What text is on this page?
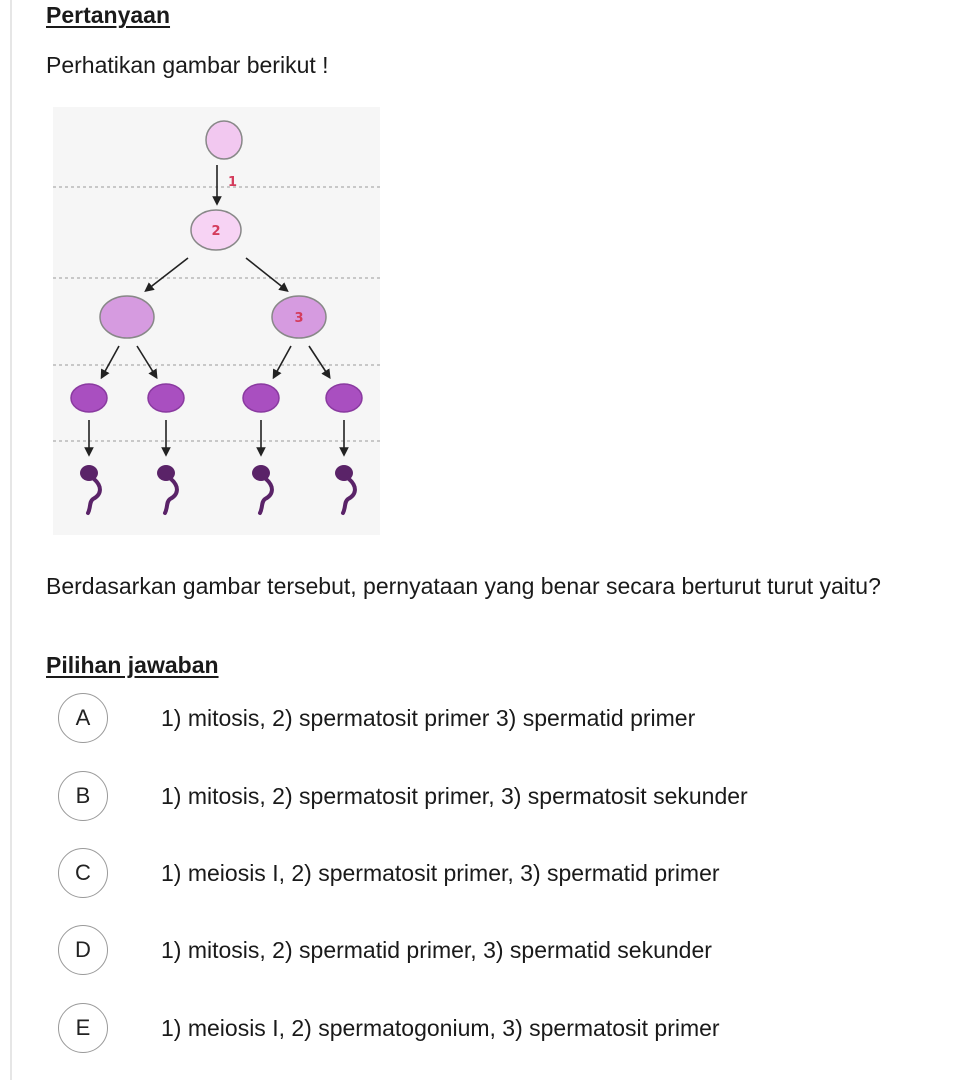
Pertanyaan
Perhatikan gambar berikut !
1
2
3
Berdasarkan gambar tersebut, pernyataan yang benar secara berturut turut yaitu?
Pilihan jawaban
A	1) mitosis, 2) spermatosit primer 3) spermatid primer
B	1) mitosis, 2) spermatosit primer, 3) spermatosit sekunder
C	1) meiosis I, 2) spermatosit primer, 3) spermatid primer
D	1) mitosis, 2) spermatid primer, 3) spermatid sekunder
E	1) meiosis I, 2) spermatogonium, 3) spermatosit primer
